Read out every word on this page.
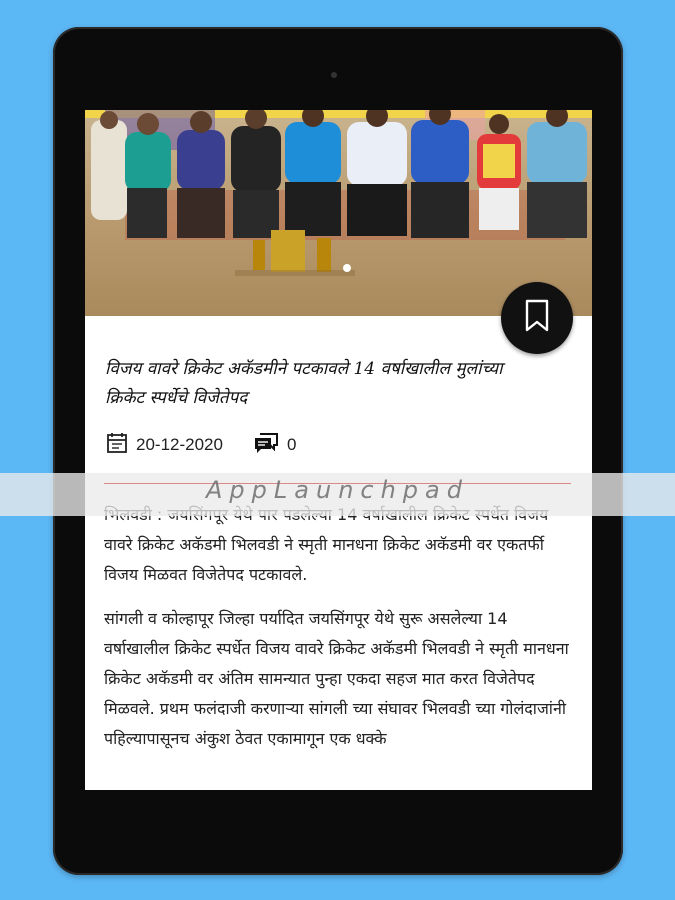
विजय वावरे क्रिकेट अकॅडमीने पटकावले 14 वर्षाखालील मुलांच्या क्रिकेट स्पर्धेचे विजेतेपद
20-12-2020	0

वावरे क्रिकेट अकॅडमी भिलवडी ने स्मृती मानधना क्रिकेट अकॅडमी वर एकतर्फी विजय मिळवत विजेतेपद पटकावले.

सांगली व कोल्हापूर जिल्हा पर्यादित जयसिंगपूर येथे सुरू असलेल्या 14 वर्षाखालील क्रिकेट स्पर्धेत विजय वावरे क्रिकेट अकॅडमी भिलवडी ने स्मृती मानधना क्रिकेट अकॅडमी वर अंतिम सामन्यात पुन्हा एकदा सहज मात करत विजेतेपद मिळवले. प्रथम फलंदाजी करणाऱ्या सांगली च्या संघावर भिलवडी च्या गोलंदाजांनी पहिल्यापासूनच अंकुश ठेवत एकामागून एक धक्के

AppLaunchpad
